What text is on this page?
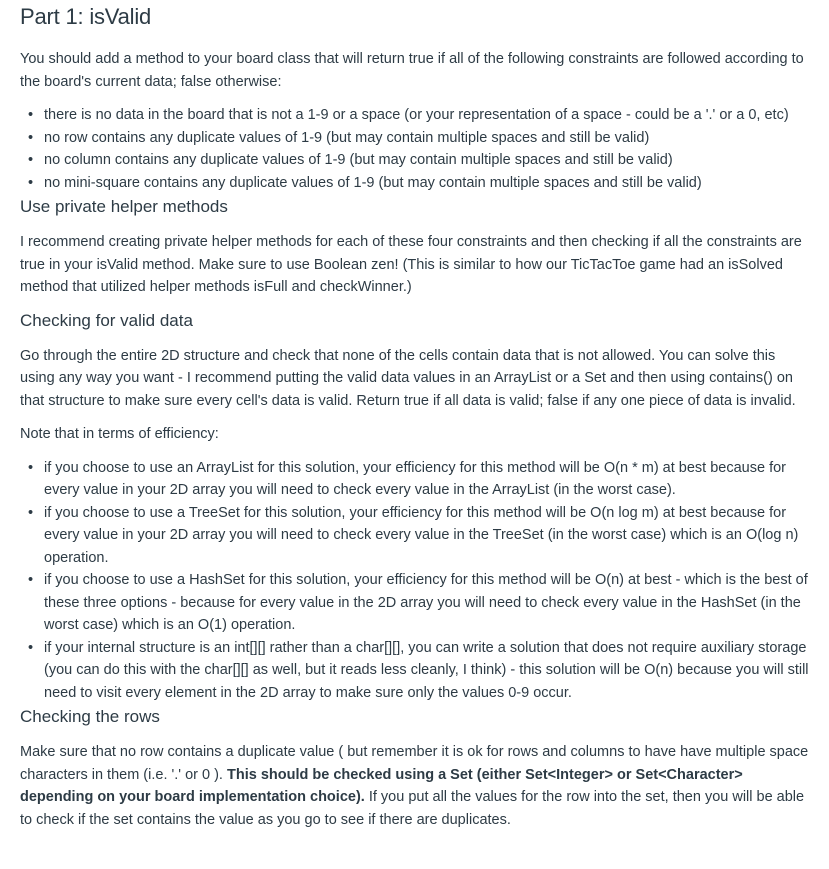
Part 1: isValid

You should add a method to your board class that will return true if all of the following constraints are followed according to the board's current data; false otherwise:

• there is no data in the board that is not a 1-9 or a space (or your representation of a space - could be a '.' or a 0, etc)
• no row contains any duplicate values of 1-9 (but may contain multiple spaces and still be valid)
• no column contains any duplicate values of 1-9 (but may contain multiple spaces and still be valid)
• no mini-square contains any duplicate values of 1-9 (but may contain multiple spaces and still be valid)
Use private helper methods

I recommend creating private helper methods for each of these four constraints and then checking if all the constraints are true in your isValid method. Make sure to use Boolean zen! (This is similar to how our TicTacToe game had an isSolved method that utilized helper methods isFull and checkWinner.)

Checking for valid data

Go through the entire 2D structure and check that none of the cells contain data that is not allowed. You can solve this using any way you want - I recommend putting the valid data values in an ArrayList or a Set and then using contains() on that structure to make sure every cell's data is valid. Return true if all data is valid; false if any one piece of data is invalid.

Note that in terms of efficiency:

• if you choose to use an ArrayList for this solution, your efficiency for this method will be O(n * m) at best because for every value in your 2D array you will need to check every value in the ArrayList (in the worst case).
• if you choose to use a TreeSet for this solution, your efficiency for this method will be O(n log m) at best because for every value in your 2D array you will need to check every value in the TreeSet (in the worst case) which is an O(log n) operation.
• if you choose to use a HashSet for this solution, your efficiency for this method will be O(n) at best - which is the best of these three options - because for every value in the 2D array you will need to check every value in the HashSet (in the worst case) which is an O(1) operation.
• if your internal structure is an int[][] rather than a char[][], you can write a solution that does not require auxiliary storage (you can do this with the char[][] as well, but it reads less cleanly, I think) - this solution will be O(n) because you will still need to visit every element in the 2D array to make sure only the values 0-9 occur.
Checking the rows

Make sure that no row contains a duplicate value ( but remember it is ok for rows and columns to have have multiple space characters in them (i.e. '.' or 0 ). This should be checked using a Set (either Set<Integer> or Set<Character> depending on your board implementation choice). If you put all the values for the row into the set, then you will be able to check if the set contains the value as you go to see if there are duplicates.
